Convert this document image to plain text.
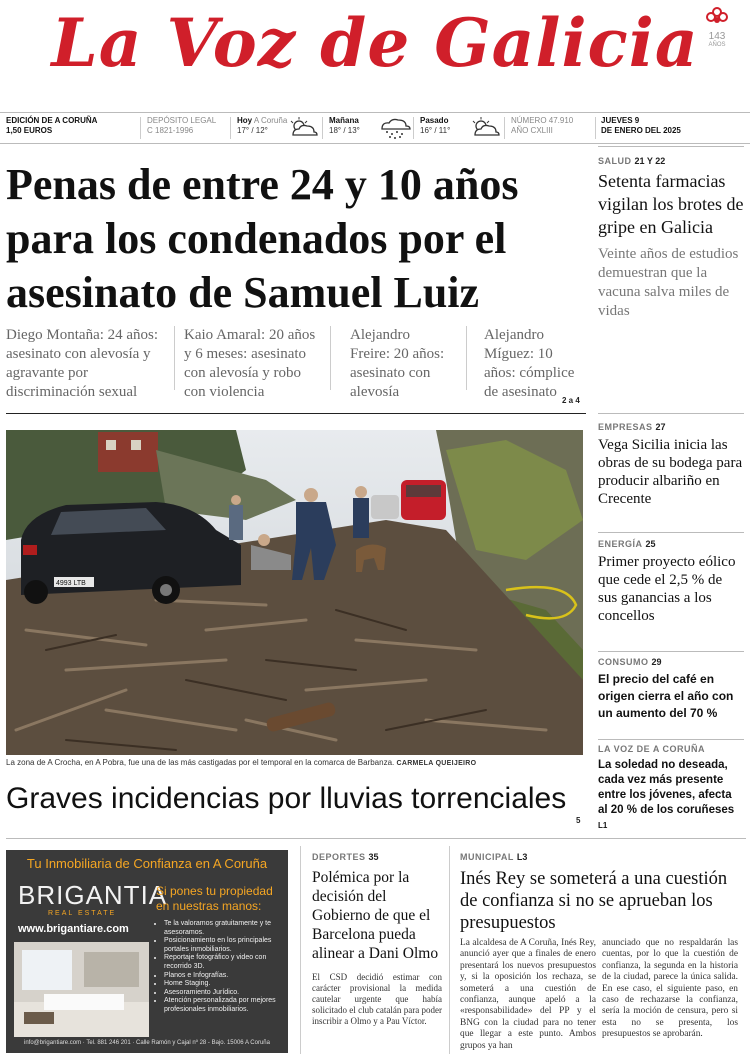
La Voz de Galicia	143
AÑOS
EDICIÓN DE A CORUÑA
1,50 EUROS
DEPÓSITO LEGAL
C 1821-1996
Hoy A Coruña
17° / 12°
Mañana
18° / 13°
Pasado
16° / 11°
NÚMERO 47.910
AÑO CXLIII
JUEVES 9
DE ENERO DEL 2025
Penas de entre 24 y 10 años para los condenados por el asesinato de Samuel Luiz
Diego Montaña: 24 años: asesinato con alevosía y agravante por discriminación sexual
Kaio Amaral: 20 años y 6 meses: asesinato con alevosía y robo con violencia
Alejandro Freire: 20 años: asesinato con alevosía
Alejandro Míguez: 10 años: cómplice de asesinato
2 a 4
4993 LTB
La zona de A Crocha, en A Pobra, fue una de las más castigadas por el temporal en la comarca de Barbanza. CARMELA QUEIJEIRO
Graves incidencias por lluvias torrenciales
5
SALUD 21 Y 22
Setenta farmacias vigilan los brotes de gripe en Galicia
Veinte años de estudios demuestran que la vacuna salva miles de vidas
EMPRESAS 27
Vega Sicilia inicia las obras de su bodega para producir albariño en Crecente
ENERGÍA 25
Primer proyecto eólico que cede el 2,5 % de sus ganancias a los concellos
CONSUMO 29
El precio del café en origen cierra el año con un aumento del 70 %
LA VOZ DE A CORUÑA
La soledad no deseada, cada vez más presente entre los jóvenes, afecta al 20 % de los coruñeses L1
Tu Inmobiliaria de Confianza en A Coruña
BRIGANTIA
REAL ESTATE
www.brigantiare.com
Si pones tu propiedad en nuestras manos:
• Te la valoramos gratuitamente y te asesoramos.
• Posicionamiento en los principales portales inmobiliarios.
• Reportaje fotográfico y video con recorrido 3D.
• Planos e Infografías.
• Home Staging.
• Asesoramiento Jurídico.
• Atención personalizada por mejores profesionales inmobiliarios.
info@brigantiare.com · Tel. 881 246 201 · Calle Ramón y Cajal nº 28 - Bajo. 15006 A Coruña
DEPORTES 35
Polémica por la decisión del Gobierno de que el Barcelona pueda alinear a Dani Olmo
El CSD decidió estimar con carácter provisional la medida cautelar urgente que había solicitado el club catalán para poder inscribir a Olmo y a Pau Víctor.
MUNICIPAL L3
Inés Rey se someterá a una cuestión de confianza si no se aprueban los presupuestos
La alcaldesa de A Coruña, Inés Rey, anunció ayer que a finales de enero presentará los nuevos presupuestos y, si la oposición los rechaza, se someterá a una cuestión de confianza, aunque apeló a la «responsabilidade» del PP y el BNG con la ciudad para no tener que llegar a este punto. Ambos grupos ya han
anunciado que no respaldarán las cuentas, por lo que la cuestión de confianza, la segunda en la historia de la ciudad, parece la única salida. En ese caso, el siguiente paso, en caso de rechazarse la confianza, sería la moción de censura, pero si esta no se presenta, los presupuestos se aprobarán.
